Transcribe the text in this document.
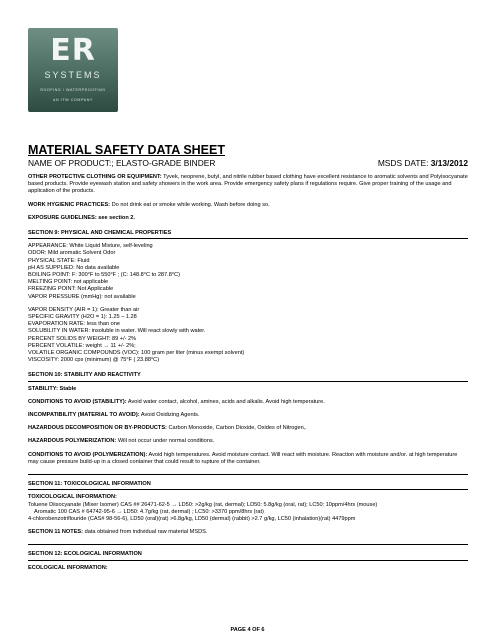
ER
SYSTEMS
ROOFING / WATERPROOFING
AN ITW COMPANY
MATERIAL SAFETY DATA SHEET
NAME OF PRODUCT:; ELASTO-GRADE BINDER	MSDS DATE: 3/13/2012

OTHER PROTECTIVE CLOTHING OR EQUIPMENT: Tyvek, neoprene, butyl, and nitrile rubber based clothing have excellent resistance to aromatic solvents and Polyisocyanate based products. Provide eyewash station and safety showers in the work area. Provide emergency safety plans if regulations require. Give proper training of the usage and application of the products.

WORK HYGIENIC PRACTICES: Do not drink eat or smoke while working. Wash before doing so.

EXPOSURE GUIDELINES: see section 2.

SECTION 9: PHYSICAL AND CHEMICAL PROPERTIES

APPEARANCE: White Liquid Mixture, self-leveling

ODOR: Mild aromatic Solvent Odor

PHYSICAL STATE: Fluid

pH AS SUPPLIED: No data available

BOILING POINT: F: 300°F to 550°F ; (C: 148.8°C to 287.8°C)

MELTING POINT: not applicable

FREEZING POINT: Not Applicable

VAPOR PRESSURE (mmHg): not available

VAPOR DENSITY (AIR = 1): Greater than air

SPECIFIC GRAVITY (H2O = 1): 1.25 – 1.28

EVAPORATION RATE: less than one

SOLUBILITY IN WATER: insoluble in water. Will react slowly with water.

PERCENT SOLIDS BY WEIGHT: 89 +/- 2%

PERCENT VOLATILE: weight → 11 +/- 2%;

VOLATILE ORGANIC COMPOUNDS (VOC): 100 gram per liter (minus exempt solvent)

VISCOSITY: 2000 cps (minimum) @ 75°F ( 23.88°C)

SECTION 10: STABILITY AND REACTIVITY

STABILITY: Stable

CONDITIONS TO AVOID (STABILITY): Avoid water contact, alcohol, amines, acids and alkalis. Avoid high temperature.

INCOMPATIBILITY (MATERIAL TO AVOID): Avoid Oxidizing Agents.

HAZARDOUS DECOMPOSITION OR BY-PRODUCTS: Carbon Monoxide, Carbon Dioxide, Oxides of Nitrogen,.

HAZARDOUS POLYMERIZATION: Will not occur under normal conditions.

CONDITIONS TO AVOID (POLYMERIZATION): Avoid high temperatures. Avoid moisture contact. Will react with moisture. Reaction with moisture and/or. at high temperature may cause pressure build-up in a closed container that could result to rupture of the container.

SECTION 11: TOXICOLOGICAL INFORMATION

TOXICOLOGICAL INFORMATION:

Toluene Diisocyanate (Mixer Isomer) CAS ## 26471-62-5 → LD50: >2g/kg (rat, dermal); LD50: 5.8g/kg (oral, rat); LC50: 10ppm/4hrs (mouse)

Aromatic 100 CAS # 64742-95-6 → LD50: 4.7g/kg (rat, dermal) ; LC50: >3370 ppm/8hrs (rat)

4-chlorobenzotriflouride (CAS# 98-56-6), LD50 (oral)(rat) >6.8g/kg, LD50 (dermal) (rabbit) >2.7 g/kg, LC50 (inhalation)(rat) 4479ppm

SECTION 11 NOTES: data obtained from individual raw material MSDS.

SECTION 12: ECOLOGICAL INFORMATION

ECOLOGICAL INFORMATION:

PAGE 4 OF 6
